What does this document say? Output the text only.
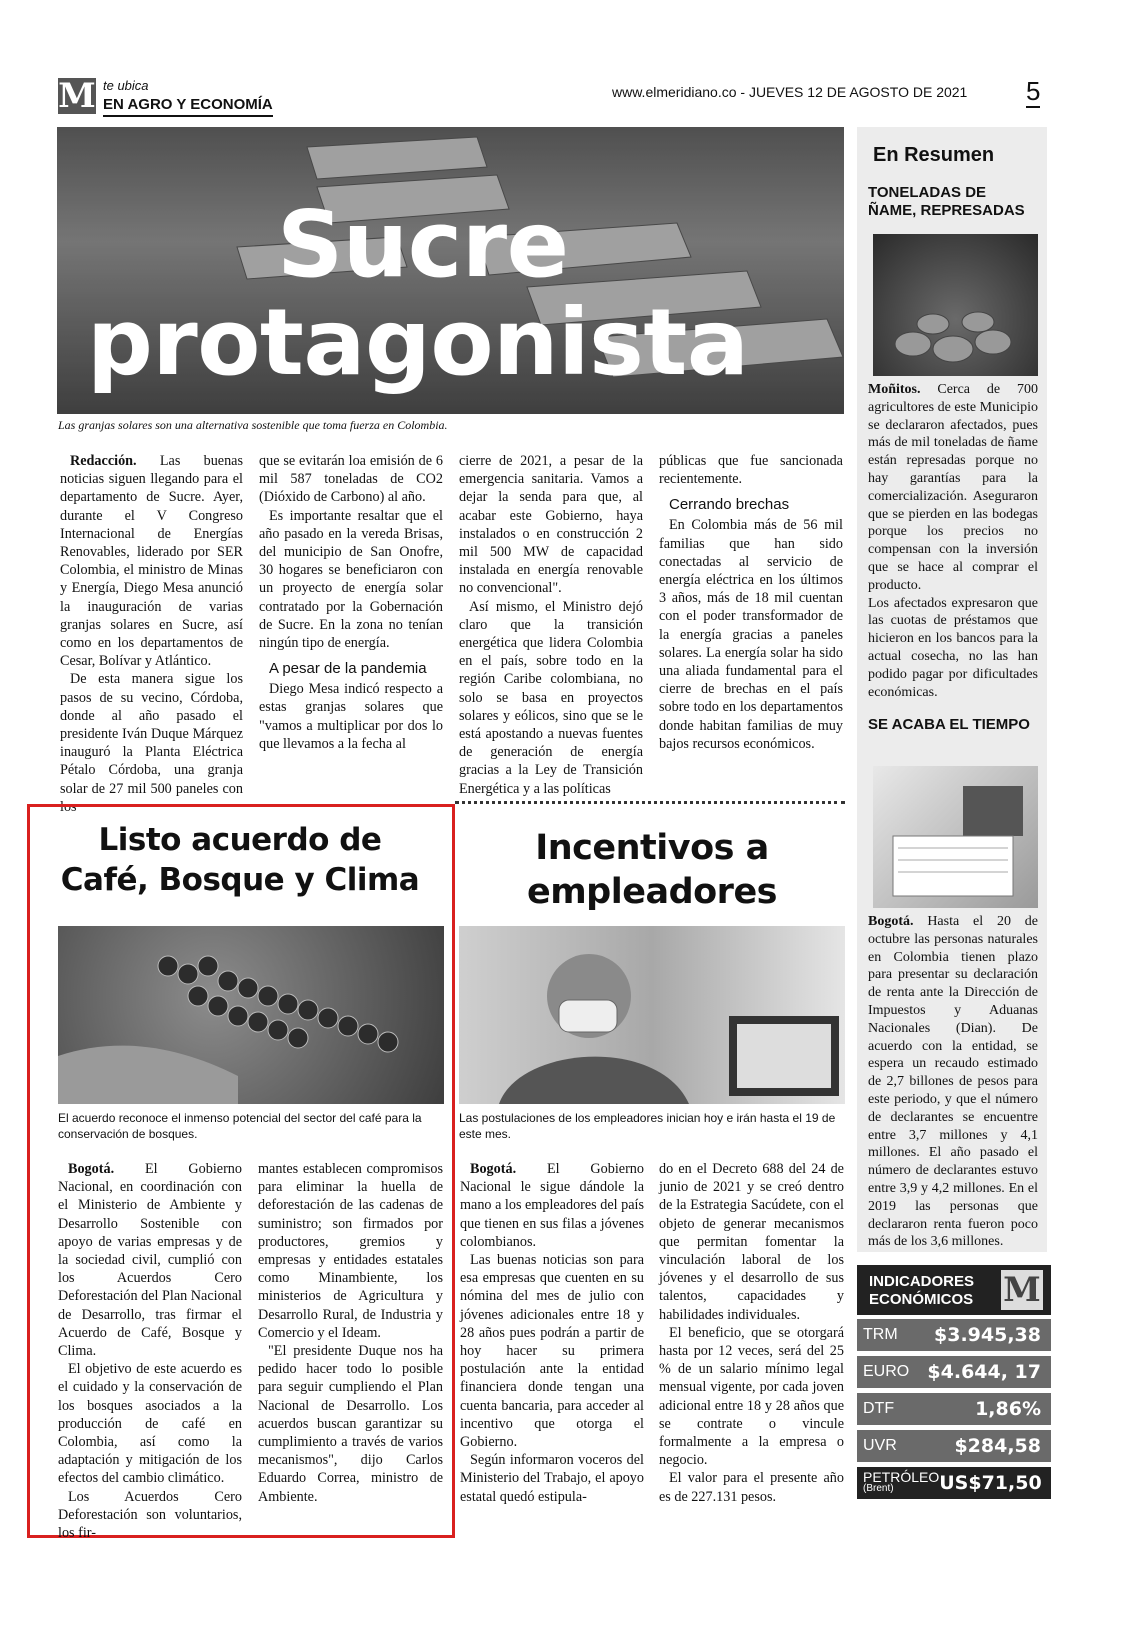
M te ubica
EN AGRO Y ECONOMÍA
www.elmeridiano.co - JUEVES 12 DE AGOSTO DE 2021 5
Sucre
protagonista
Las granjas solares son una alternativa sostenible que toma fuerza en Colombia.

Redacción. Las buenas noticias siguen llegando para el departamento de Sucre. Ayer, durante el V Congreso Internacional de Energías Renovables, liderado por SER Colombia, el ministro de Minas y Energía, Diego Mesa anunció la inauguración de varias granjas solares en Sucre, así como en los departamentos de Cesar, Bolívar y Atlántico.

De esta manera sigue los pasos de su vecino, Córdoba, donde al año pasado el presidente Iván Duque Márquez inauguró la Planta Eléctrica Pétalo Córdoba, una granja solar de 27 mil 500 paneles con los

que se evitarán loa emisión de 6 mil 587 toneladas de CO2 (Dióxido de Carbono) al año.

Es importante resaltar que el año pasado en la vereda Brisas, del municipio de San Onofre, 30 hogares se beneficiaron con un proyecto de energía solar contratado por la Gobernación de Sucre. En la zona no tenían ningún tipo de energía.

A pesar de la pandemia

Diego Mesa indicó respecto a estas granjas solares que "vamos a multiplicar por dos lo que llevamos a la fecha al

cierre de 2021, a pesar de la emergencia sanitaria. Vamos a dejar la senda para que, al acabar este Gobierno, haya instalados o en construcción 2 mil 500 MW de capacidad instalada en energía renovable no convencional".

Así mismo, el Ministro dejó claro que la transición energética que lidera Colombia en el país, sobre todo en la región Caribe colombiana, no solo se basa en proyectos solares y eólicos, sino que se le está apostando a nuevas fuentes de generación de energía gracias a la Ley de Transición Energética y a las políticas

públicas que fue sancionada recientemente.

Cerrando brechas

En Colombia más de 56 mil familias que han sido conectadas al servicio de energía eléctrica en los últimos 3 años, más de 18 mil cuentan con el poder transformador de la energía gracias a paneles solares. La energía solar ha sido una aliada fundamental para el cierre de brechas en el país sobre todo en los departamentos donde habitan familias de muy bajos recursos económicos.

Listo acuerdo de
Café, Bosque y Clima
El acuerdo reconoce el inmenso potencial del sector del café para la conservación de bosques.

Bogotá. El Gobierno Nacional, en coordinación con el Ministerio de Ambiente y Desarrollo Sostenible con apoyo de varias empresas y de la sociedad civil, cumplió con los Acuerdos Cero Deforestación del Plan Nacional de Desarrollo, tras firmar el Acuerdo de Café, Bosque y Clima.

El objetivo de este acuerdo es el cuidado y la conservación de los bosques asociados a la producción de café en Colombia, así como la adaptación y mitigación de los efectos del cambio climático.

Los Acuerdos Cero Deforestación son voluntarios, los fir-

mantes establecen compromisos para eliminar la huella de deforestación de las cadenas de suministro; son firmados por productores, gremios y empresas y entidades estatales como Minambiente, los ministerios de Agricultura y Desarrollo Rural, de Industria y Comercio y el Ideam.

"El presidente Duque nos ha pedido hacer todo lo posible para seguir cumpliendo el Plan Nacional de Desarrollo. Los acuerdos buscan garantizar su cumplimiento a través de varios mecanismos", dijo Carlos Eduardo Correa, ministro de Ambiente.

Incentivos a
empleadores
Las postulaciones de los empleadores inician hoy e irán hasta el 19 de este mes.

Bogotá. El Gobierno Nacional le sigue dándole la mano a los empleadores del país que tienen en sus filas a jóvenes colombianos.

Las buenas noticias son para esa empresas que cuenten en su nómina del mes de julio con jóvenes adicionales entre 18 y 28 años pues podrán a partir de hoy hacer su primera postulación ante la entidad financiera donde tengan una cuenta bancaria, para acceder al incentivo que otorga el Gobierno.

Según informaron voceros del Ministerio del Trabajo, el apoyo estatal quedó estipula-

do en el Decreto 688 del 24 de junio de 2021 y se creó dentro de la Estrategia Sacúdete, con el objeto de generar mecanismos que permitan fomentar la vinculación laboral de los jóvenes y el desarrollo de sus talentos, capacidades y habilidades individuales.

El beneficio, que se otorgará hasta por 12 veces, será del 25 % de un salario mínimo legal mensual vigente, por cada joven adicional entre 18 y 28 años que se contrate o vincule formalmente a la empresa o negocio.

El valor para el presente año es de 227.131 pesos.

En Resumen
TONELADAS DE ÑAME, REPRESADAS

Moñitos. Cerca de 700 agricultores de este Municipio se declararon afectados, pues más de mil toneladas de ñame están represadas porque no hay garantías para la comercialización. Aseguraron que se pierden en las bodegas porque los precios no compensan con la inversión que se hace al comprar el producto.

Los afectados expresaron que las cuotas de préstamos que hicieron en los bancos para la actual cosecha, no las han podido pagar por dificultades económicas.

SE ACABA EL TIEMPO

Bogotá. Hasta el 20 de octubre las personas naturales en Colombia tienen plazo para presentar su declaración de renta ante la Dirección de Impuestos y Aduanas Nacionales (Dian). De acuerdo con la entidad, se espera un recaudo estimado de 2,7 billones de pesos para este periodo, y que el número de declarantes se encuentre entre 3,7 millones y 4,1 millones. El año pasado el número de declarantes estuvo entre 3,9 y 4,2 millones. En el 2019 las personas que declararon renta fueron poco más de los 3,6 millones.

INDICADORES
ECONÓMICOS M
TRM $3.945,38
EURO $4.644, 17
DTF	1,86%
UVR	$284,58
PETRÓLEO
(Brent)	US$71,50
